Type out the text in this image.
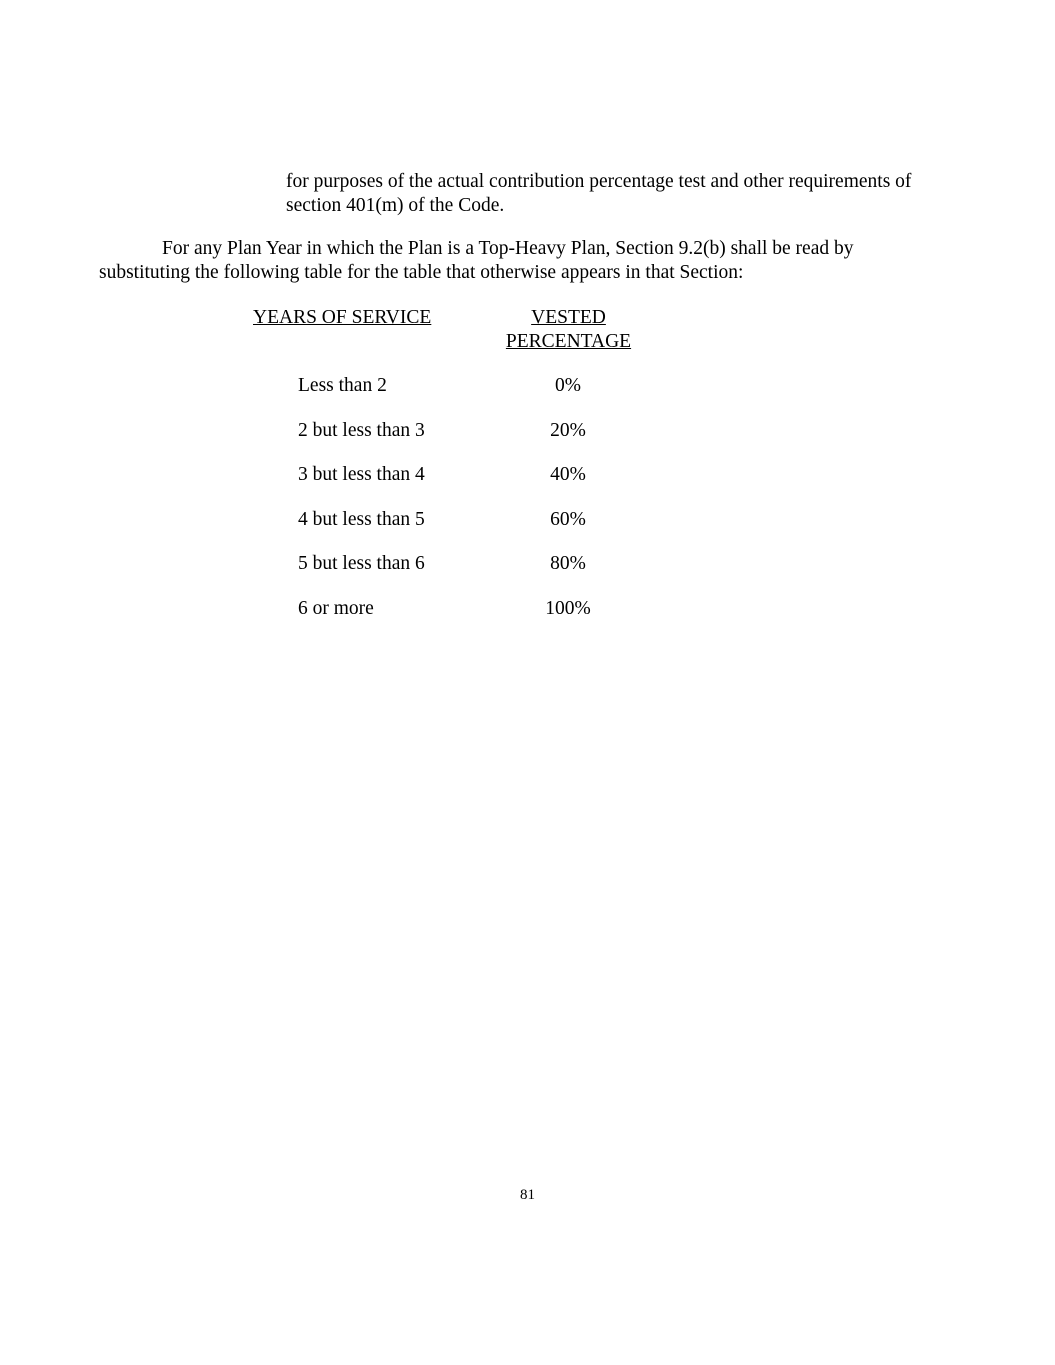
for purposes of the actual contribution percentage test and other requirements of
section 401(m) of the Code.
For any Plan Year in which the Plan is a Top-Heavy Plan, Section 9.2(b) shall be read by
substituting the following table for the table that otherwise appears in that Section:
YEARS OF SERVICE	VESTED
PERCENTAGE
Less than 2	0%
2 but less than 3	20%
3 but less than 4	40%
4 but less than 5	60%
5 but less than 6	80%
6 or more	100%
81
